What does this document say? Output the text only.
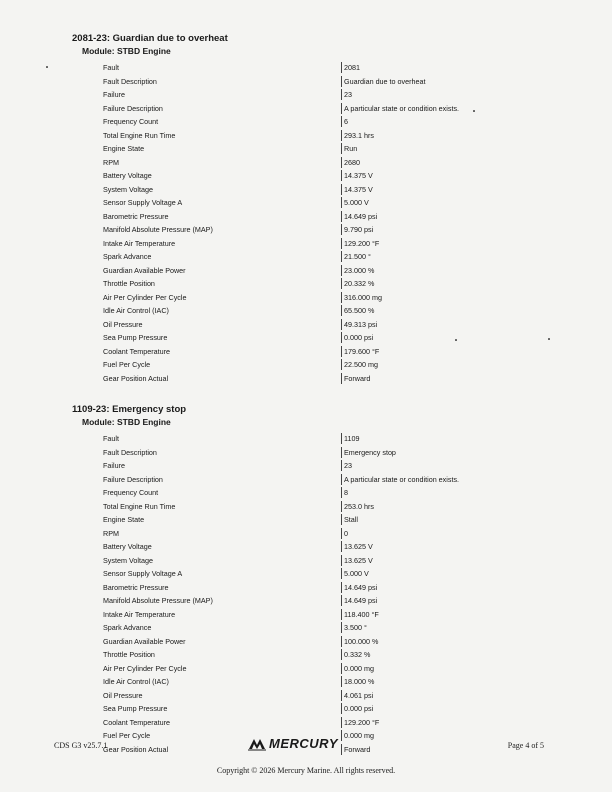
2081-23: Guardian due to overheat
Module: STBD Engine
Fault	2081
Fault Description	Guardian due to overheat
Failure	23
Failure Description	A particular state or condition exists.
Frequency Count	6
Total Engine Run Time	293.1 hrs
Engine State	Run
RPM	2680
Battery Voltage	14.375 V
System Voltage	14.375 V
Sensor Supply Voltage A	5.000 V
Barometric Pressure	14.649 psi
Manifold Absolute Pressure (MAP)	9.790 psi
Intake Air Temperature	129.200 °F
Spark Advance	21.500 °
Guardian Available Power	23.000 %
Throttle Position	20.332 %
Air Per Cylinder Per Cycle	316.000 mg
Idle Air Control (IAC)	65.500 %
Oil Pressure	49.313 psi
Sea Pump Pressure	0.000 psi
Coolant Temperature	179.600 °F
Fuel Per Cycle	22.500 mg
Gear Position Actual	Forward
1109-23: Emergency stop
Module: STBD Engine
Fault	1109
Fault Description	Emergency stop
Failure	23
Failure Description	A particular state or condition exists.
Frequency Count	8
Total Engine Run Time	253.0 hrs
Engine State	Stall
RPM	0
Battery Voltage	13.625 V
System Voltage	13.625 V
Sensor Supply Voltage A	5.000 V
Barometric Pressure	14.649 psi
Manifold Absolute Pressure (MAP)	14.649 psi
Intake Air Temperature	118.400 °F
Spark Advance	3.500 °
Guardian Available Power	100.000 %
Throttle Position	0.332 %
Air Per Cylinder Per Cycle	0.000 mg
Idle Air Control (IAC)	18.000 %
Oil Pressure	4.061 psi
Sea Pump Pressure	0.000 psi
Coolant Temperature	129.200 °F
Fuel Per Cycle	0.000 mg
Gear Position Actual	Forward
CDS G3 v25.7.1	MERCURY	Page 4 of 5
Copyright © 2026 Mercury Marine. All rights reserved.
